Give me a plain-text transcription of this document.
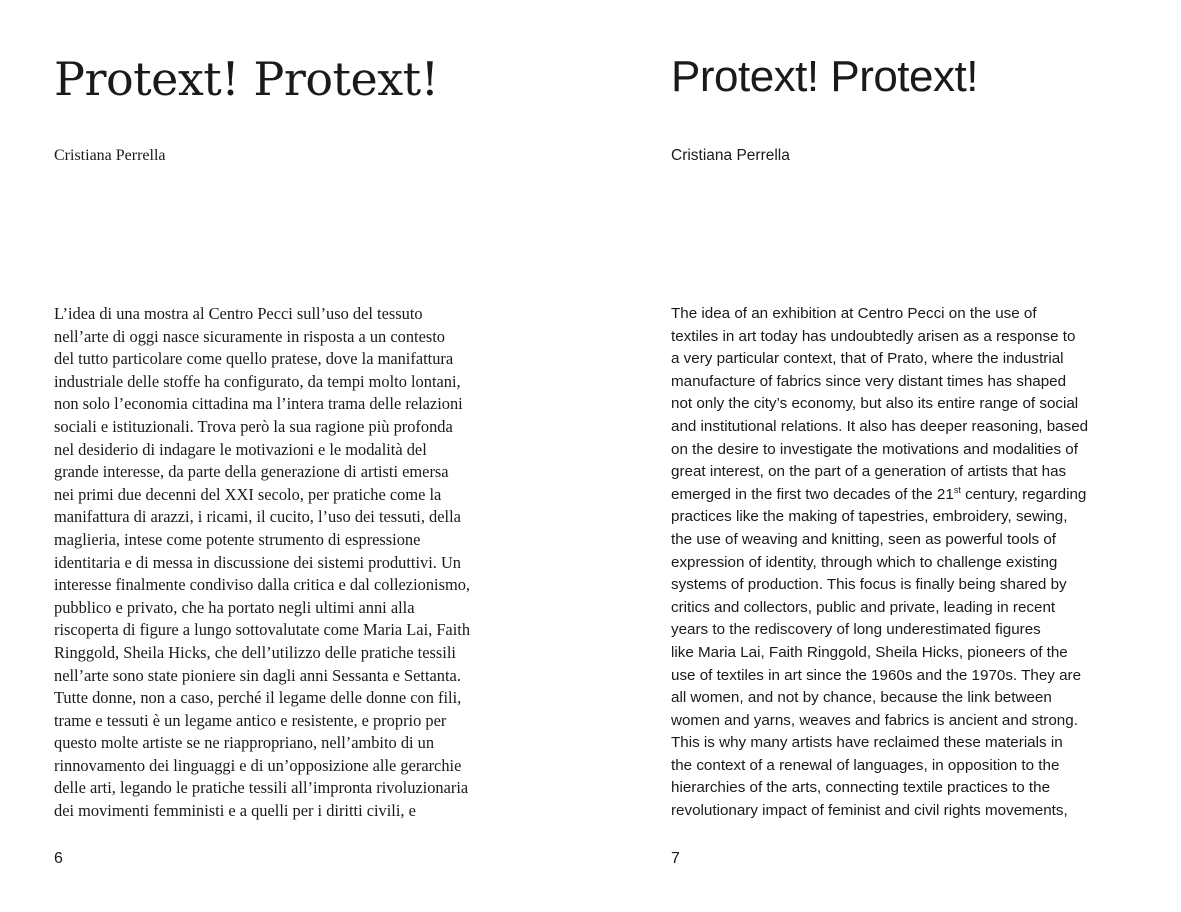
Protext! Protext!

Cristiana Perrella

L’idea di una mostra al Centro Pecci sull’uso del tessuto
nell’arte di oggi nasce sicuramente in risposta a un contesto
del tutto particolare come quello pratese, dove la manifattura
industriale delle stoffe ha configurato, da tempi molto lontani,
non solo l’economia cittadina ma l’intera trama delle relazioni
sociali e istituzionali. Trova però la sua ragione più profonda
nel desiderio di indagare le motivazioni e le modalità del
grande interesse, da parte della generazione di artisti emersa
nei primi due decenni del XXI secolo, per pratiche come la
manifattura di arazzi, i ricami, il cucito, l’uso dei tessuti, della
maglieria, intese come potente strumento di espressione
identitaria e di messa in discussione dei sistemi produttivi. Un
interesse finalmente condiviso dalla critica e dal collezionismo,
pubblico e privato, che ha portato negli ultimi anni alla
riscoperta di figure a lungo sottovalutate come Maria Lai, Faith
Ringgold, Sheila Hicks, che dell’utilizzo delle pratiche tessili
nell’arte sono state pioniere sin dagli anni Sessanta e Settanta.
Tutte donne, non a caso, perché il legame delle donne con fili,
trame e tessuti è un legame antico e resistente, e proprio per
questo molte artiste se ne riappropriano, nell’ambito di un
rinnovamento dei linguaggi e di un’opposizione alle gerarchie
delle arti, legando le pratiche tessili all’impronta rivoluzionaria
dei movimenti femministi e a quelli per i diritti civili, e

6

Protext! Protext!

Cristiana Perrella

The idea of an exhibition at Centro Pecci on the use of
textiles in art today has undoubtedly arisen as a response to
a very particular context, that of Prato, where the industrial
manufacture of fabrics since very distant times has shaped
not only the city’s economy, but also its entire range of social
and institutional relations. It also has deeper reasoning, based
on the desire to investigate the motivations and modalities of
great interest, on the part of a generation of artists that has
emerged in the first two decades of the 21st century, regarding
practices like the making of tapestries, embroidery, sewing,
the use of weaving and knitting, seen as powerful tools of
expression of identity, through which to challenge existing
systems of production. This focus is finally being shared by
critics and collectors, public and private, leading in recent
years to the rediscovery of long underestimated figures
like Maria Lai, Faith Ringgold, Sheila Hicks, pioneers of the
use of textiles in art since the 1960s and the 1970s. They are
all women, and not by chance, because the link between
women and yarns, weaves and fabrics is ancient and strong.
This is why many artists have reclaimed these materials in
the context of a renewal of languages, in opposition to the
hierarchies of the arts, connecting textile practices to the
revolutionary impact of feminist and civil rights movements,

7
